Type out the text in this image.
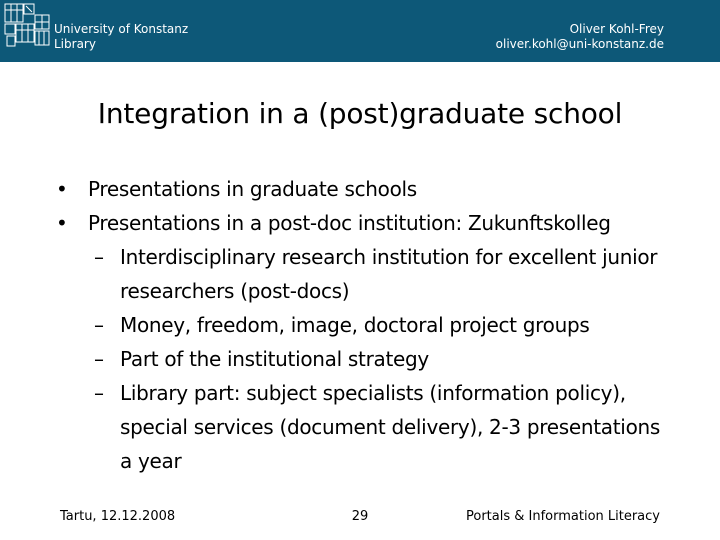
University of Konstanz
Library
Oliver Kohl-Frey
oliver.kohl@uni-konstanz.de
Integration in a (post)graduate school
• Presentations in graduate schools
• Presentations in a post-doc institution: Zukunftskolleg
– Interdisciplinary research institution for excellent junior researchers (post-docs)
– Money, freedom, image, doctoral project groups
– Part of the institutional strategy
– Library part: subject specialists (information policy), special services (document delivery), 2-3 presentations a year
Tartu, 12.12.2008	29	Portals & Information Literacy
